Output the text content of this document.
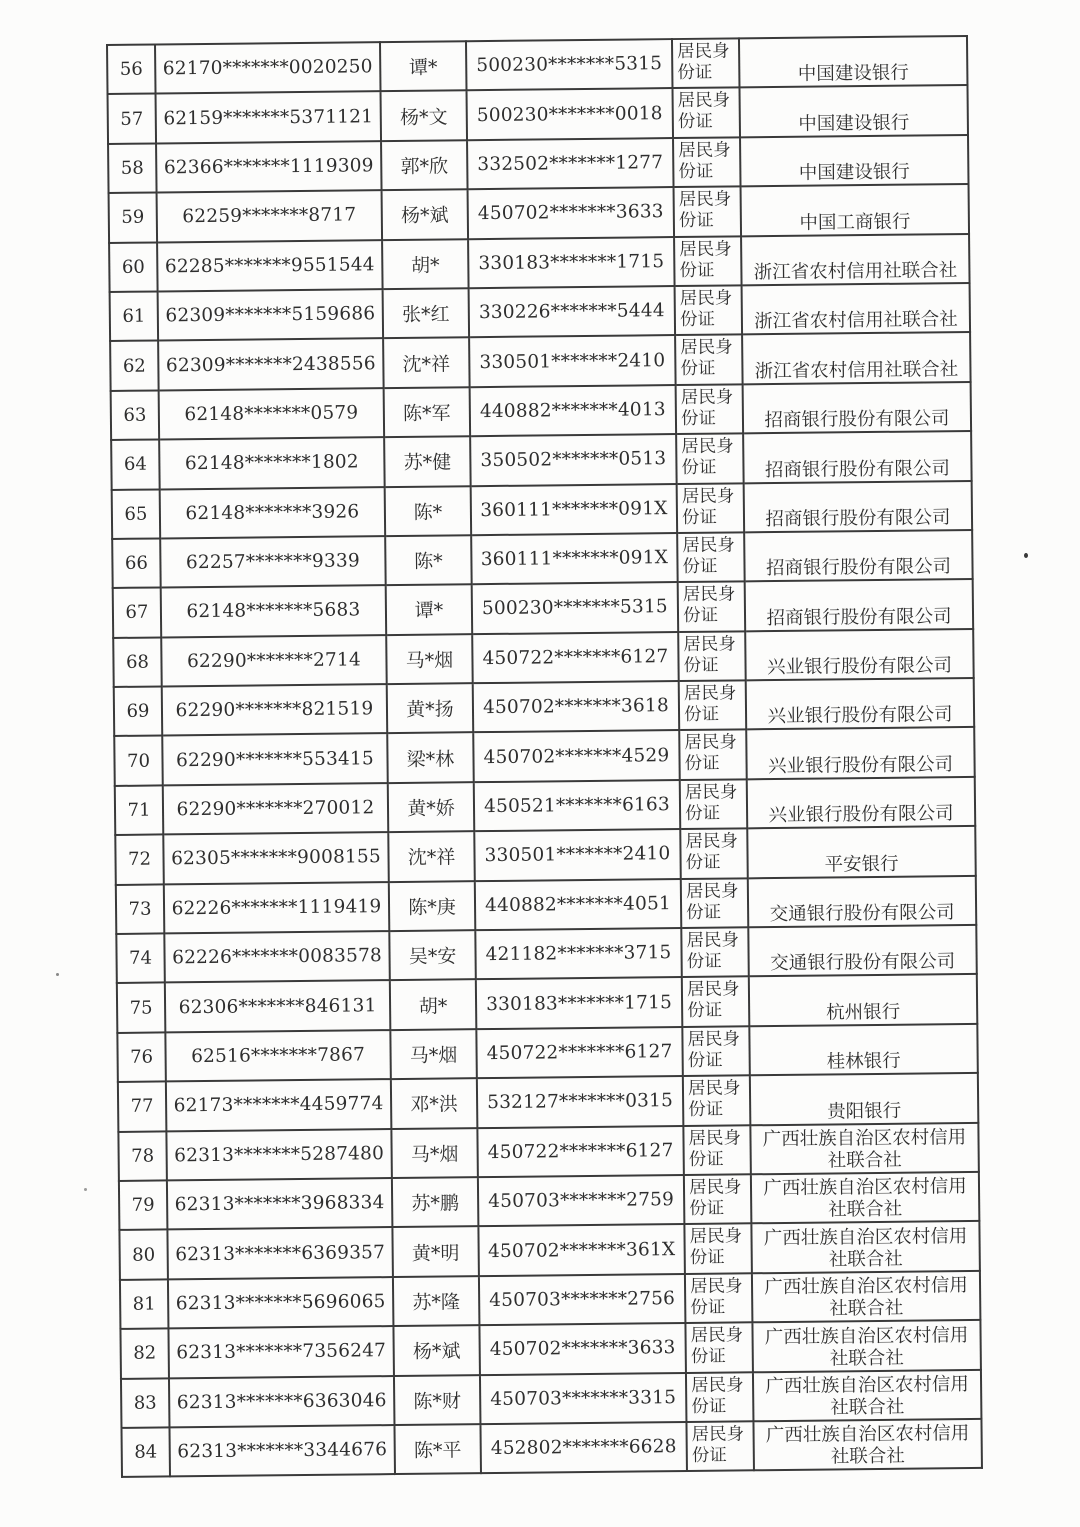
56	62170*******0020250	谭*	500230*******5315	居民身份证	中国建设银行
57	62159*******5371121	杨*文	500230*******0018	居民身份证	中国建设银行
58	62366*******1119309	郭*欣	332502*******1277	居民身份证	中国建设银行
59	62259*******8717	杨*斌	450702*******3633	居民身份证	中国工商银行
60	62285*******9551544	胡*	330183*******1715	居民身份证	浙江省农村信用社联合社
61	62309*******5159686	张*红	330226*******5444	居民身份证	浙江省农村信用社联合社
62	62309*******2438556	沈*祥	330501*******2410	居民身份证	浙江省农村信用社联合社
63	62148*******0579	陈*军	440882*******4013	居民身份证	招商银行股份有限公司
64	62148*******1802	苏*健	350502*******0513	居民身份证	招商银行股份有限公司
65	62148*******3926	陈*	360111*******091X	居民身份证	招商银行股份有限公司
66	62257*******9339	陈*	360111*******091X	居民身份证	招商银行股份有限公司
67	62148*******5683	谭*	500230*******5315	居民身份证	招商银行股份有限公司
68	62290*******2714	马*烟	450722*******6127	居民身份证	兴业银行股份有限公司
69	62290*******821519	黄*扬	450702*******3618	居民身份证	兴业银行股份有限公司
70	62290*******553415	梁*林	450702*******4529	居民身份证	兴业银行股份有限公司
71	62290*******270012	黄*娇	450521*******6163	居民身份证	兴业银行股份有限公司
72	62305*******9008155	沈*祥	330501*******2410	居民身份证	平安银行
73	62226*******1119419	陈*庚	440882*******4051	居民身份证	交通银行股份有限公司
74	62226*******0083578	吴*安	421182*******3715	居民身份证	交通银行股份有限公司
75	62306*******846131	胡*	330183*******1715	居民身份证	杭州银行
76	62516*******7867	马*烟	450722*******6127	居民身份证	桂林银行
77	62173*******4459774	邓*洪	532127*******0315	居民身份证	贵阳银行
78	62313*******5287480	马*烟	450722*******6127	居民身份证	广西壮族自治区农村信用社联合社
79	62313*******3968334	苏*鹏	450703*******2759	居民身份证	广西壮族自治区农村信用社联合社
80	62313*******6369357	黄*明	450702*******361X	居民身份证	广西壮族自治区农村信用社联合社
81	62313*******5696065	苏*隆	450703*******2756	居民身份证	广西壮族自治区农村信用社联合社
82	62313*******7356247	杨*斌	450702*******3633	居民身份证	广西壮族自治区农村信用社联合社
83	62313*******6363046	陈*财	450703*******3315	居民身份证	广西壮族自治区农村信用社联合社
84	62313*******3344676	陈*平	452802*******6628	居民身份证	广西壮族自治区农村信用社联合社
